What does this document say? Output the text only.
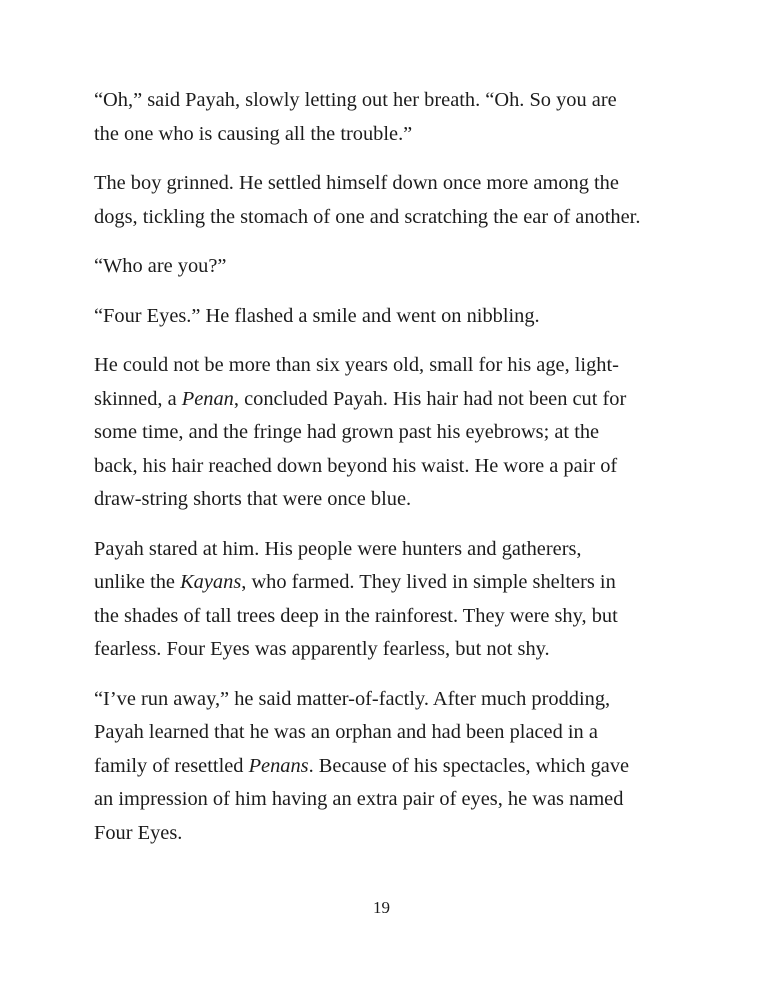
“Oh,” said Payah, slowly letting out her breath. “Oh. So you are
the one who is causing all the trouble.”

The boy grinned. He settled himself down once more among the
dogs, tickling the stomach of one and scratching the ear of another.

“Who are you?”

“Four Eyes.” He flashed a smile and went on nibbling.

He could not be more than six years old, small for his age, light-
skinned, a Penan, concluded Payah. His hair had not been cut for
some time, and the fringe had grown past his eyebrows; at the
back, his hair reached down beyond his waist. He wore a pair of
draw-string shorts that were once blue.

Payah stared at him. His people were hunters and gatherers,
unlike the Kayans, who farmed. They lived in simple shelters in
the shades of tall trees deep in the rainforest. They were shy, but
fearless. Four Eyes was apparently fearless, but not shy.

“I’ve run away,” he said matter-of-factly. After much prodding,
Payah learned that he was an orphan and had been placed in a
family of resettled Penans. Because of his spectacles, which gave
an impression of him having an extra pair of eyes, he was named
Four Eyes.

19
